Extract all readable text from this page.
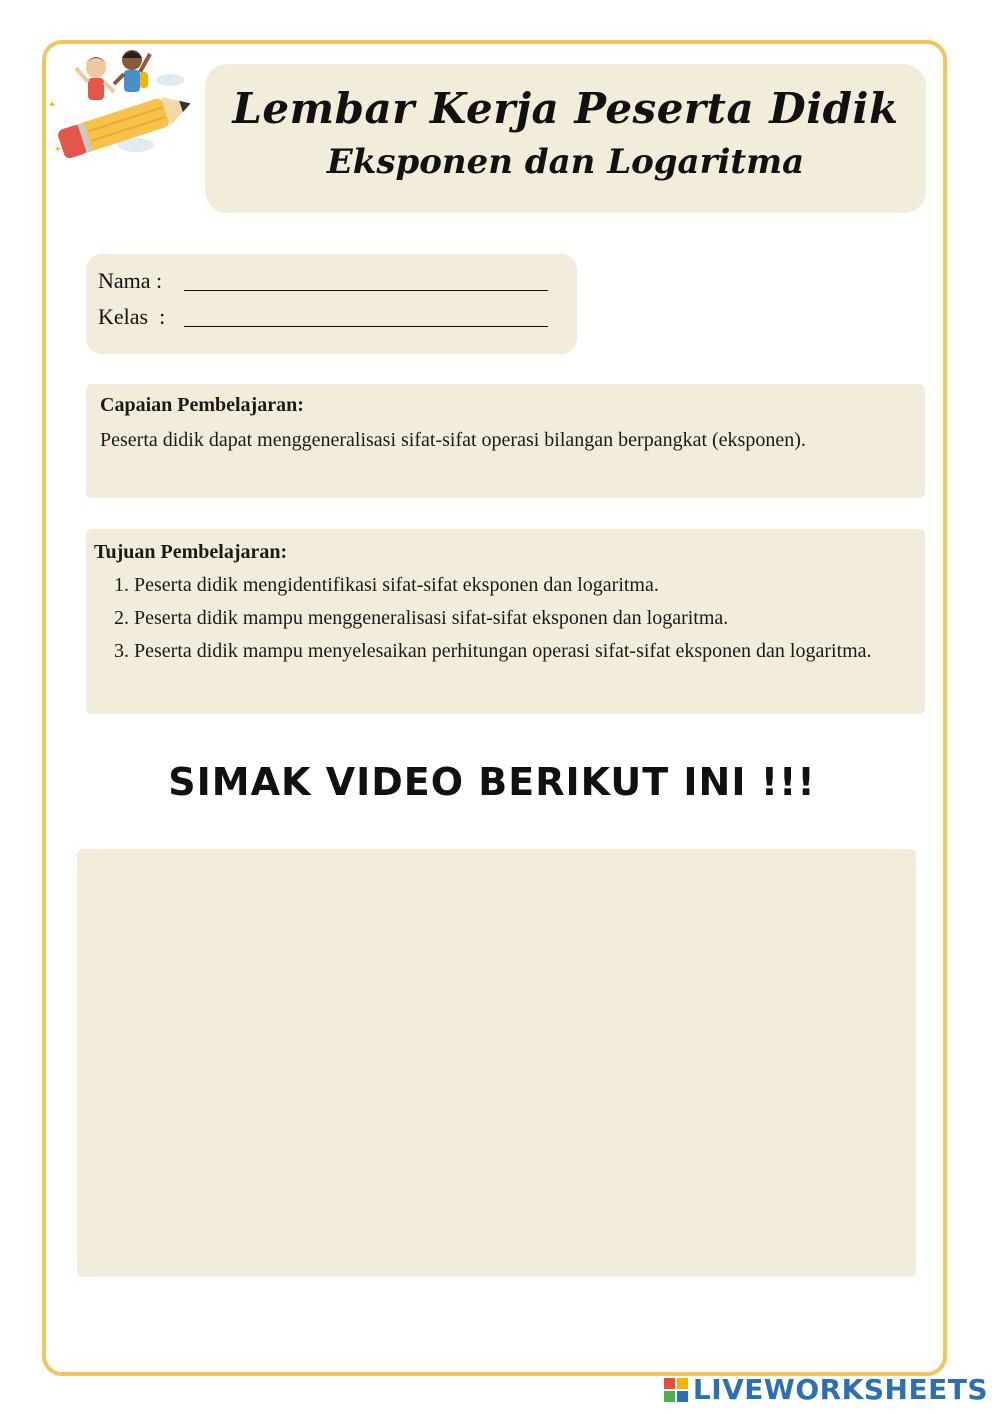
✦
✦
Lembar Kerja Peserta Didik
Eksponen dan Logaritma
Nama :
Kelas  :
Capaian Pembelajaran:
Peserta didik dapat menggeneralisasi sifat-sifat operasi bilangan berpangkat (eksponen).
Tujuan Pembelajaran:
1. Peserta didik mengidentifikasi sifat-sifat eksponen dan logaritma.
2. Peserta didik mampu menggeneralisasi sifat-sifat eksponen dan logaritma.
3. Peserta didik mampu menyelesaikan perhitungan operasi sifat-sifat eksponen dan logaritma.
SIMAK VIDEO BERIKUT INI !!!
LIVEWORKSHEETS
